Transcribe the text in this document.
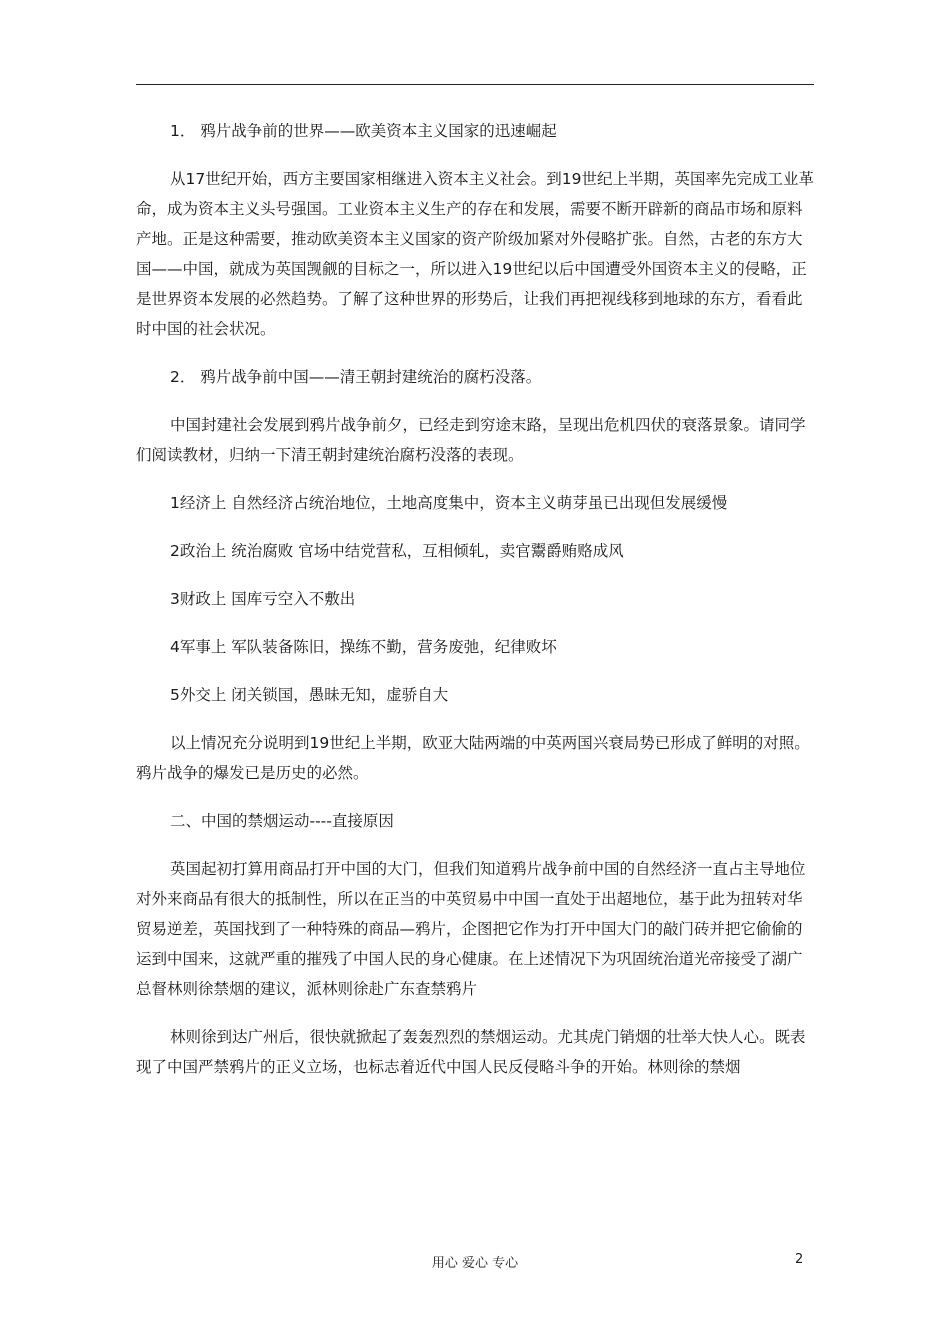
1． 鸦片战争前的世界——欧美资本主义国家的迅速崛起

从17世纪开始，西方主要国家相继进入资本主义社会。到19世纪上半期，英国率先完成工业革命，成为资本主义头号强国。工业资本主义生产的存在和发展，需要不断开辟新的商品市场和原料产地。正是这种需要，推动欧美资本主义国家的资产阶级加紧对外侵略扩张。自然，古老的东方大国——中国，就成为英国觊觎的目标之一，所以进入19世纪以后中国遭受外国资本主义的侵略，正是世界资本发展的必然趋势。了解了这种世界的形势后，让我们再把视线移到地球的东方，看看此时中国的社会状况。

2． 鸦片战争前中国——清王朝封建统治的腐朽没落。

中国封建社会发展到鸦片战争前夕，已经走到穷途末路，呈现出危机四伏的衰落景象。请同学们阅读教材，归纳一下清王朝封建统治腐朽没落的表现。

1经济上 自然经济占统治地位，土地高度集中，资本主义萌芽虽已出现但发展缓慢

2政治上 统治腐败 官场中结党营私，互相倾轧，卖官鬻爵贿赂成风

3财政上 国库亏空入不敷出

4军事上 军队装备陈旧，操练不勤，营务废弛，纪律败坏

5外交上 闭关锁国，愚昧无知，虚骄自大

以上情况充分说明到19世纪上半期，欧亚大陆两端的中英两国兴衰局势已形成了鲜明的对照。鸦片战争的爆发已是历史的必然。

二、中国的禁烟运动----直接原因

英国起初打算用商品打开中国的大门，但我们知道鸦片战争前中国的自然经济一直占主导地位对外来商品有很大的抵制性，所以在正当的中英贸易中中国一直处于出超地位，基于此为扭转对华贸易逆差，英国找到了一种特殊的商品—鸦片，企图把它作为打开中国大门的敲门砖并把它偷偷的运到中国来，这就严重的摧残了中国人民的身心健康。在上述情况下为巩固统治道光帝接受了湖广总督林则徐禁烟的建议，派林则徐赴广东查禁鸦片

林则徐到达广州后，很快就掀起了轰轰烈烈的禁烟运动。尤其虎门销烟的壮举大快人心。既表现了中国严禁鸦片的正义立场，也标志着近代中国人民反侵略斗争的开始。林则徐的禁烟

用心 爱心 专心	2
